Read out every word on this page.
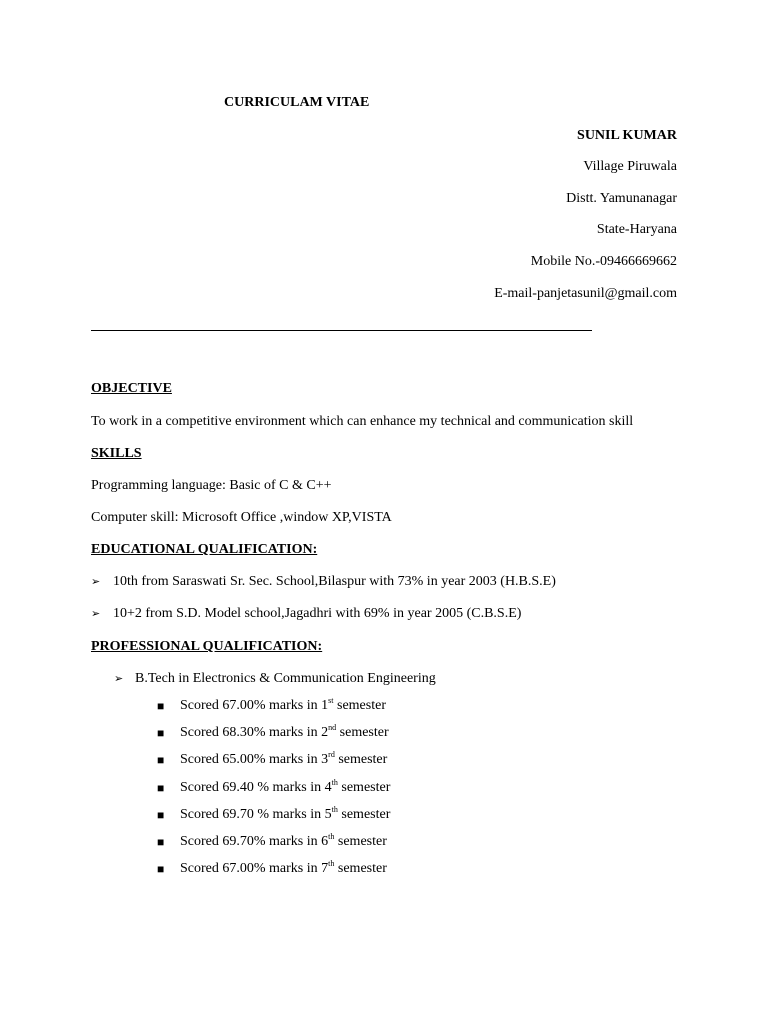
CURRICULAM VITAE
SUNIL KUMAR
Village Piruwala
Distt. Yamunanagar
State-Haryana
Mobile No.-09466669662
E-mail-panjetasunil@gmail.com
OBJECTIVE
To work in a competitive environment which can enhance my technical and communication skill
SKILLS
Programming language: Basic of C & C++
Computer skill: Microsoft Office ,window XP,VISTA
EDUCATIONAL QUALIFICATION:
➢ 10th from Saraswati Sr. Sec. School,Bilaspur with 73% in year 2003 (H.B.S.E)
➢ 10+2 from S.D. Model school,Jagadhri with 69% in year 2005 (C.B.S.E)
PROFESSIONAL QUALIFICATION:
➢ B.Tech in Electronics & Communication Engineering
■ Scored 67.00% marks in 1st semester
■ Scored 68.30% marks in 2nd semester
■ Scored 65.00% marks in 3rd semester
■ Scored 69.40 % marks in 4th semester
■ Scored 69.70 % marks in 5th semester
■ Scored 69.70% marks in 6th semester
■ Scored 67.00% marks in 7th semester
